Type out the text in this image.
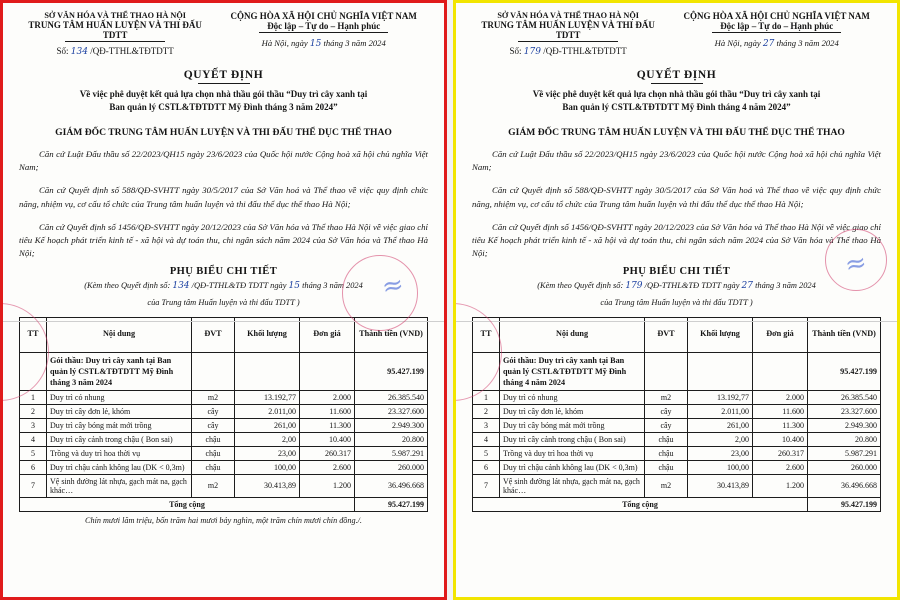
SỞ VĂN HÓA VÀ THỂ THAO HÀ NỘI
TRUNG TÂM HUẤN LUYỆN VÀ THI ĐẤU TDTT
Số: 134 /QĐ-TTHL&TĐTDTT
CỘNG HÒA XÃ HỘI CHỦ NGHĨA VIỆT NAM
Độc lập – Tự do – Hạnh phúc
Hà Nội, ngày 15 tháng 3 năm 2024
QUYẾT ĐỊNH
Về việc phê duyệt kết quả lựa chọn nhà thầu gói thầu “Duy trì cây xanh tại
Ban quản lý CSTL&TĐTDTT Mỹ Đình tháng 3 năm 2024”
GIÁM ĐỐC TRUNG TÂM HUẤN LUYỆN VÀ THI ĐẤU THỂ DỤC THỂ THAO
Căn cứ Luật Đấu thầu số 22/2023/QH15 ngày 23/6/2023 của Quốc hội nước Cộng hoà xã hội chủ nghĩa Việt Nam;
Căn cứ Quyết định số 588/QĐ-SVHTT ngày 30/5/2017 của Sở Văn hoá và Thể thao về việc quy định chức năng, nhiệm vụ, cơ cấu tổ chức của Trung tâm huấn luyện và thi đấu thể dục thể thao Hà Nội;
Căn cứ Quyết định số 1456/QĐ-SVHTT ngày 20/12/2023 của Sở Văn hóa và Thể thao Hà Nội về việc giao chỉ tiêu Kế hoạch phát triển kinh tế - xã hội và dự toán thu, chi ngân sách năm 2024 của Sở Văn hóa và Thể thao Hà Nội;
PHỤ BIỂU CHI TIẾT
(Kèm theo Quyết định số: 134 /QĐ-TTHL&TĐ TDTT ngày 15 tháng 3 năm 2024
của Trung tâm Huấn luyện và thi đấu TDTT )
TT	Nội dung	ĐVT	Khối lượng	Đơn giá	Thành tiền (VND)
	Gói thầu: Duy trì cây xanh tại Ban quản lý CSTL&TĐTDTT Mỹ Đình tháng 3 năm 2024				95.427.199
1	Duy trì cỏ nhung	m2	13.192,77	2.000	26.385.540
2	Duy trì cây đơn lẻ, khóm	cây	2.011,00	11.600	23.327.600
3	Duy trì cây bóng mát mới trồng	cây	261,00	11.300	2.949.300
4	Duy trì cây cảnh trong chậu ( Bon sai)	chậu	2,00	10.400	20.800
5	Trồng và duy trì hoa thời vụ	chậu	23,00	260.317	5.987.291
6	Duy trì chậu cảnh không lau (DK < 0,3m)	chậu	100,00	2.600	260.000
7	Vệ sinh đường lát nhựa, gạch mát na, gạch khác…	m2	30.413,89	1.200	36.496.668
Tổng cộng					95.427.199
Chín mươi lăm triệu, bốn trăm hai mươi bảy nghìn, một trăm chín mươi chín đồng./.
≈
SỞ VĂN HÓA VÀ THỂ THAO HÀ NỘI
TRUNG TÂM HUẤN LUYỆN VÀ THI ĐẤU TDTT
Số: 179 /QĐ-TTHL&TĐTDTT
CỘNG HÒA XÃ HỘI CHỦ NGHĨA VIỆT NAM
Độc lập – Tự do – Hạnh phúc
Hà Nội, ngày 27 tháng 3 năm 2024
QUYẾT ĐỊNH
Về việc phê duyệt kết quả lựa chọn nhà thầu gói thầu “Duy trì cây xanh tại
Ban quản lý CSTL&TĐTDTT Mỹ Đình tháng 4 năm 2024”
GIÁM ĐỐC TRUNG TÂM HUẤN LUYỆN VÀ THI ĐẤU THỂ DỤC THỂ THAO
Căn cứ Luật Đấu thầu số 22/2023/QH15 ngày 23/6/2023 của Quốc hội nước Cộng hoà xã hội chủ nghĩa Việt Nam;
Căn cứ Quyết định số 588/QĐ-SVHTT ngày 30/5/2017 của Sở Văn hoá và Thể thao về việc quy định chức năng, nhiệm vụ, cơ cấu tổ chức của Trung tâm huấn luyện và thi đấu thể dục thể thao Hà Nội;
Căn cứ Quyết định số 1456/QĐ-SVHTT ngày 20/12/2023 của Sở Văn hóa và Thể thao Hà Nội về việc giao chỉ tiêu Kế hoạch phát triển kinh tế - xã hội và dự toán thu, chi ngân sách năm 2024 của Sở Văn hóa và Thể thao Hà Nội;
PHỤ BIỂU CHI TIẾT
(Kèm theo Quyết định số: 179 /QĐ-TTHL&TĐ TDTT ngày 27 tháng 3 năm 2024
của Trung tâm Huấn luyện và thi đấu TDTT )
TT	Nội dung	ĐVT	Khối lượng	Đơn giá	Thành tiền (VND)
	Gói thầu: Duy trì cây xanh tại Ban quản lý CSTL&TĐTDTT Mỹ Đình tháng 4 năm 2024				95.427.199
1	Duy trì cỏ nhung	m2	13.192,77	2.000	26.385.540
2	Duy trì cây đơn lẻ, khóm	cây	2.011,00	11.600	23.327.600
3	Duy trì cây bóng mát mới trồng	cây	261,00	11.300	2.949.300
4	Duy trì cây cảnh trong chậu ( Bon sai)	chậu	2,00	10.400	20.800
5	Trồng và duy trì hoa thời vụ	chậu	23,00	260.317	5.987.291
6	Duy trì chậu cảnh không lau (DK < 0,3m)	chậu	100,00	2.600	260.000
7	Vệ sinh đường lát nhựa, gạch mát na, gạch khác…	m2	30.413,89	1.200	36.496.668
Tổng cộng					95.427.199
≈
